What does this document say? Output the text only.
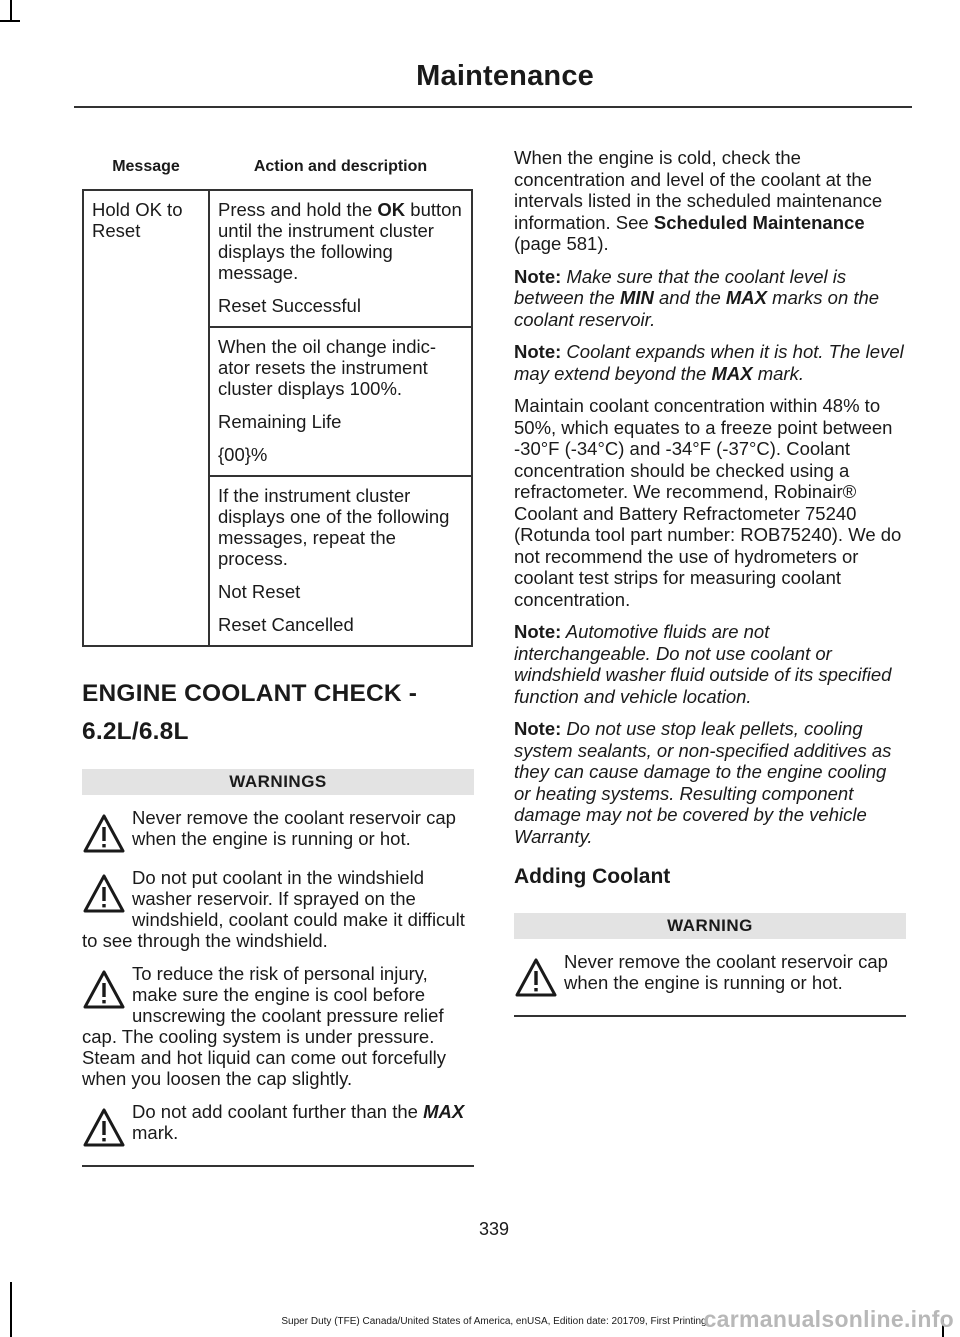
Maintenance
Message	Action and description
Hold OK to Reset	Press and hold the OK button until the instrument cluster displays the following message.

Reset Successful

	When the oil change indic-ator resets the instrument cluster displays 100%.

Remaining Life

{00}%

	If the instrument cluster displays one of the following messages, repeat the process.

Not Reset

Reset Cancelled

ENGINE COOLANT CHECK -
6.2L/6.8L
WARNINGS
Never remove the coolant reservoir cap when the engine is running or hot.
Do not put coolant in the windshield washer reservoir. If sprayed on the windshield, coolant could make it difficult to see through the windshield.
To reduce the risk of personal injury, make sure the engine is cool before unscrewing the coolant pressure relief cap. The cooling system is under pressure. Steam and hot liquid can come out forcefully when you loosen the cap slightly.
Do not add coolant further than the MAX mark.

When the engine is cold, check the concentration and level of the coolant at the intervals listed in the scheduled maintenance information. See Scheduled Maintenance (page 581).

Note: Make sure that the coolant level is between the MIN and the MAX marks on the coolant reservoir.

Note: Coolant expands when it is hot. The level may extend beyond the MAX mark.

Maintain coolant concentration within 48% to 50%, which equates to a freeze point between -30°F (-34°C) and -34°F (-37°C). Coolant concentration should be checked using a refractometer. We recommend, Robinair® Coolant and Battery Refractometer 75240 (Rotunda tool part number: ROB75240). We do not recommend the use of hydrometers or coolant test strips for measuring coolant concentration.

Note: Automotive fluids are not interchangeable. Do not use coolant or windshield washer fluid outside of its specified function and vehicle location.

Note: Do not use stop leak pellets, cooling system sealants, or non-specified additives as they can cause damage to the engine cooling or heating systems. Resulting component damage may not be covered by the vehicle Warranty.

Adding Coolant
WARNING
Never remove the coolant reservoir cap when the engine is running or hot.
339
Super Duty (TFE) Canada/United States of America, enUSA, Edition date: 201709, First Printing
carmanualsonline.info
